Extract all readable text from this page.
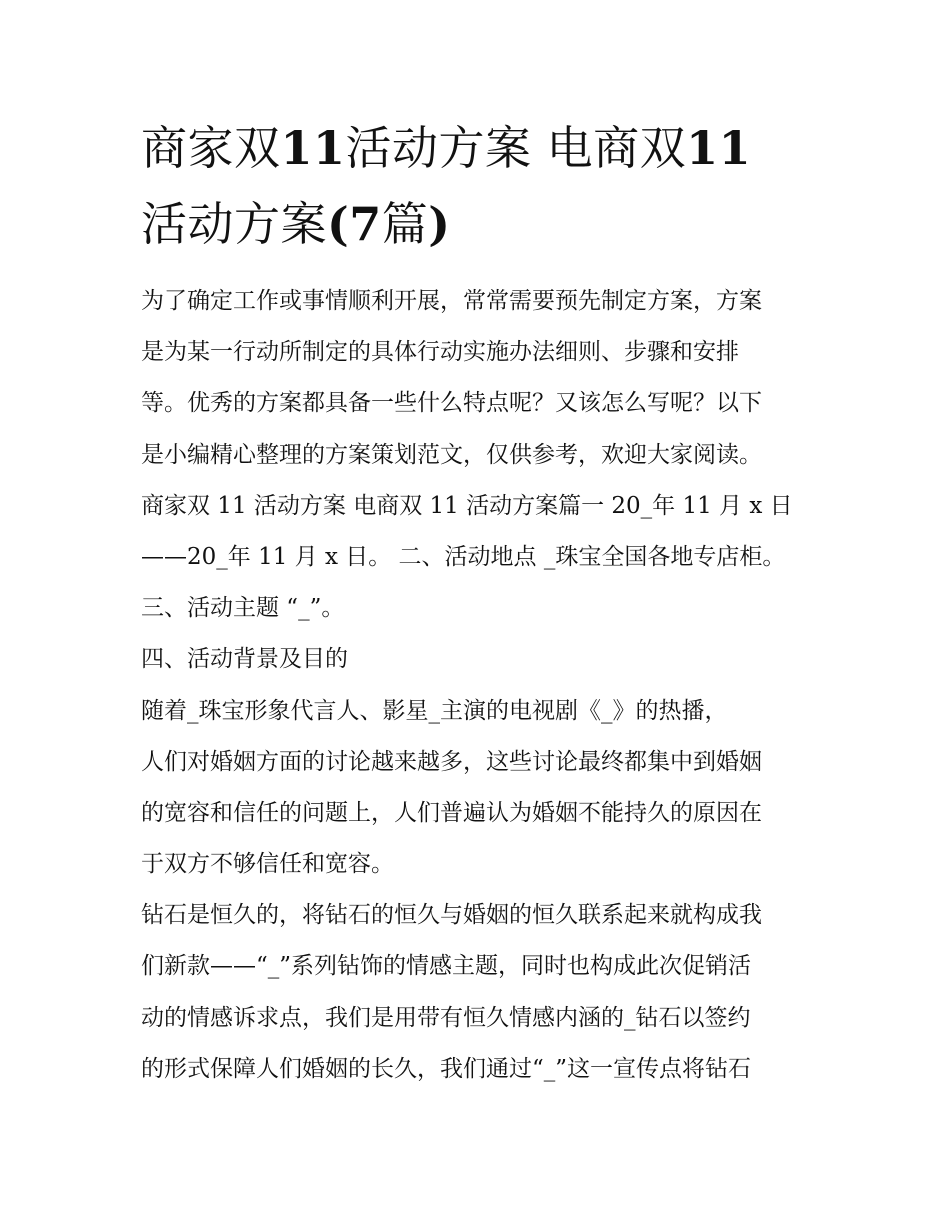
商家双11活动方案 电商双11
活动方案(7篇)
为了确定工作或事情顺利开展，常常需要预先制定方案，方案
是为某一行动所制定的具体行动实施办法细则、步骤和安排
等。优秀的方案都具备一些什么特点呢？又该怎么写呢？以下
是小编精心整理的方案策划范文，仅供参考，欢迎大家阅读。
商家双 11 活动方案 电商双 11 活动方案篇一 20_年 11 月 x 日
——20_年 11 月 x 日。 二、活动地点 _珠宝全国各地专店柜。
三、活动主题 “_”。
四、活动背景及目的
随着_珠宝形象代言人、影星_主演的电视剧《_》的热播，
人们对婚姻方面的讨论越来越多，这些讨论最终都集中到婚姻
的宽容和信任的问题上，人们普遍认为婚姻不能持久的原因在
于双方不够信任和宽容。
钻石是恒久的，将钻石的恒久与婚姻的恒久联系起来就构成我
们新款——“_”系列钻饰的情感主题，同时也构成此次促销活
动的情感诉求点，我们是用带有恒久情感内涵的_钻石以签约
的形式保障人们婚姻的长久，我们通过“_”这一宣传点将钻石
